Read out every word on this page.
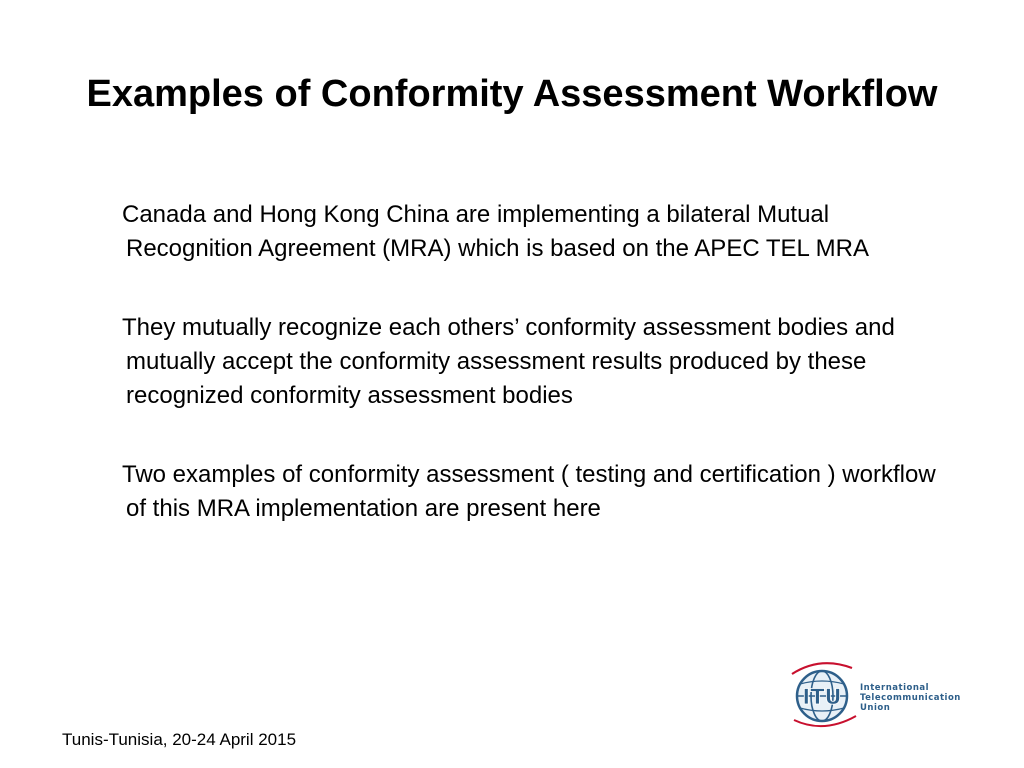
Examples of Conformity Assessment Workflow

Canada and Hong Kong China are implementing a bilateral Mutual Recognition Agreement (MRA) which is based on the APEC TEL MRA

They mutually recognize each others’ conformity assessment bodies and mutually accept the conformity assessment results produced by these recognized conformity assessment bodies

Two examples of conformity assessment ( testing and certification ) workflow of this MRA implementation are present here

ITU International
Telecommunication
Union
Tunis-Tunisia, 20-24 April 2015
